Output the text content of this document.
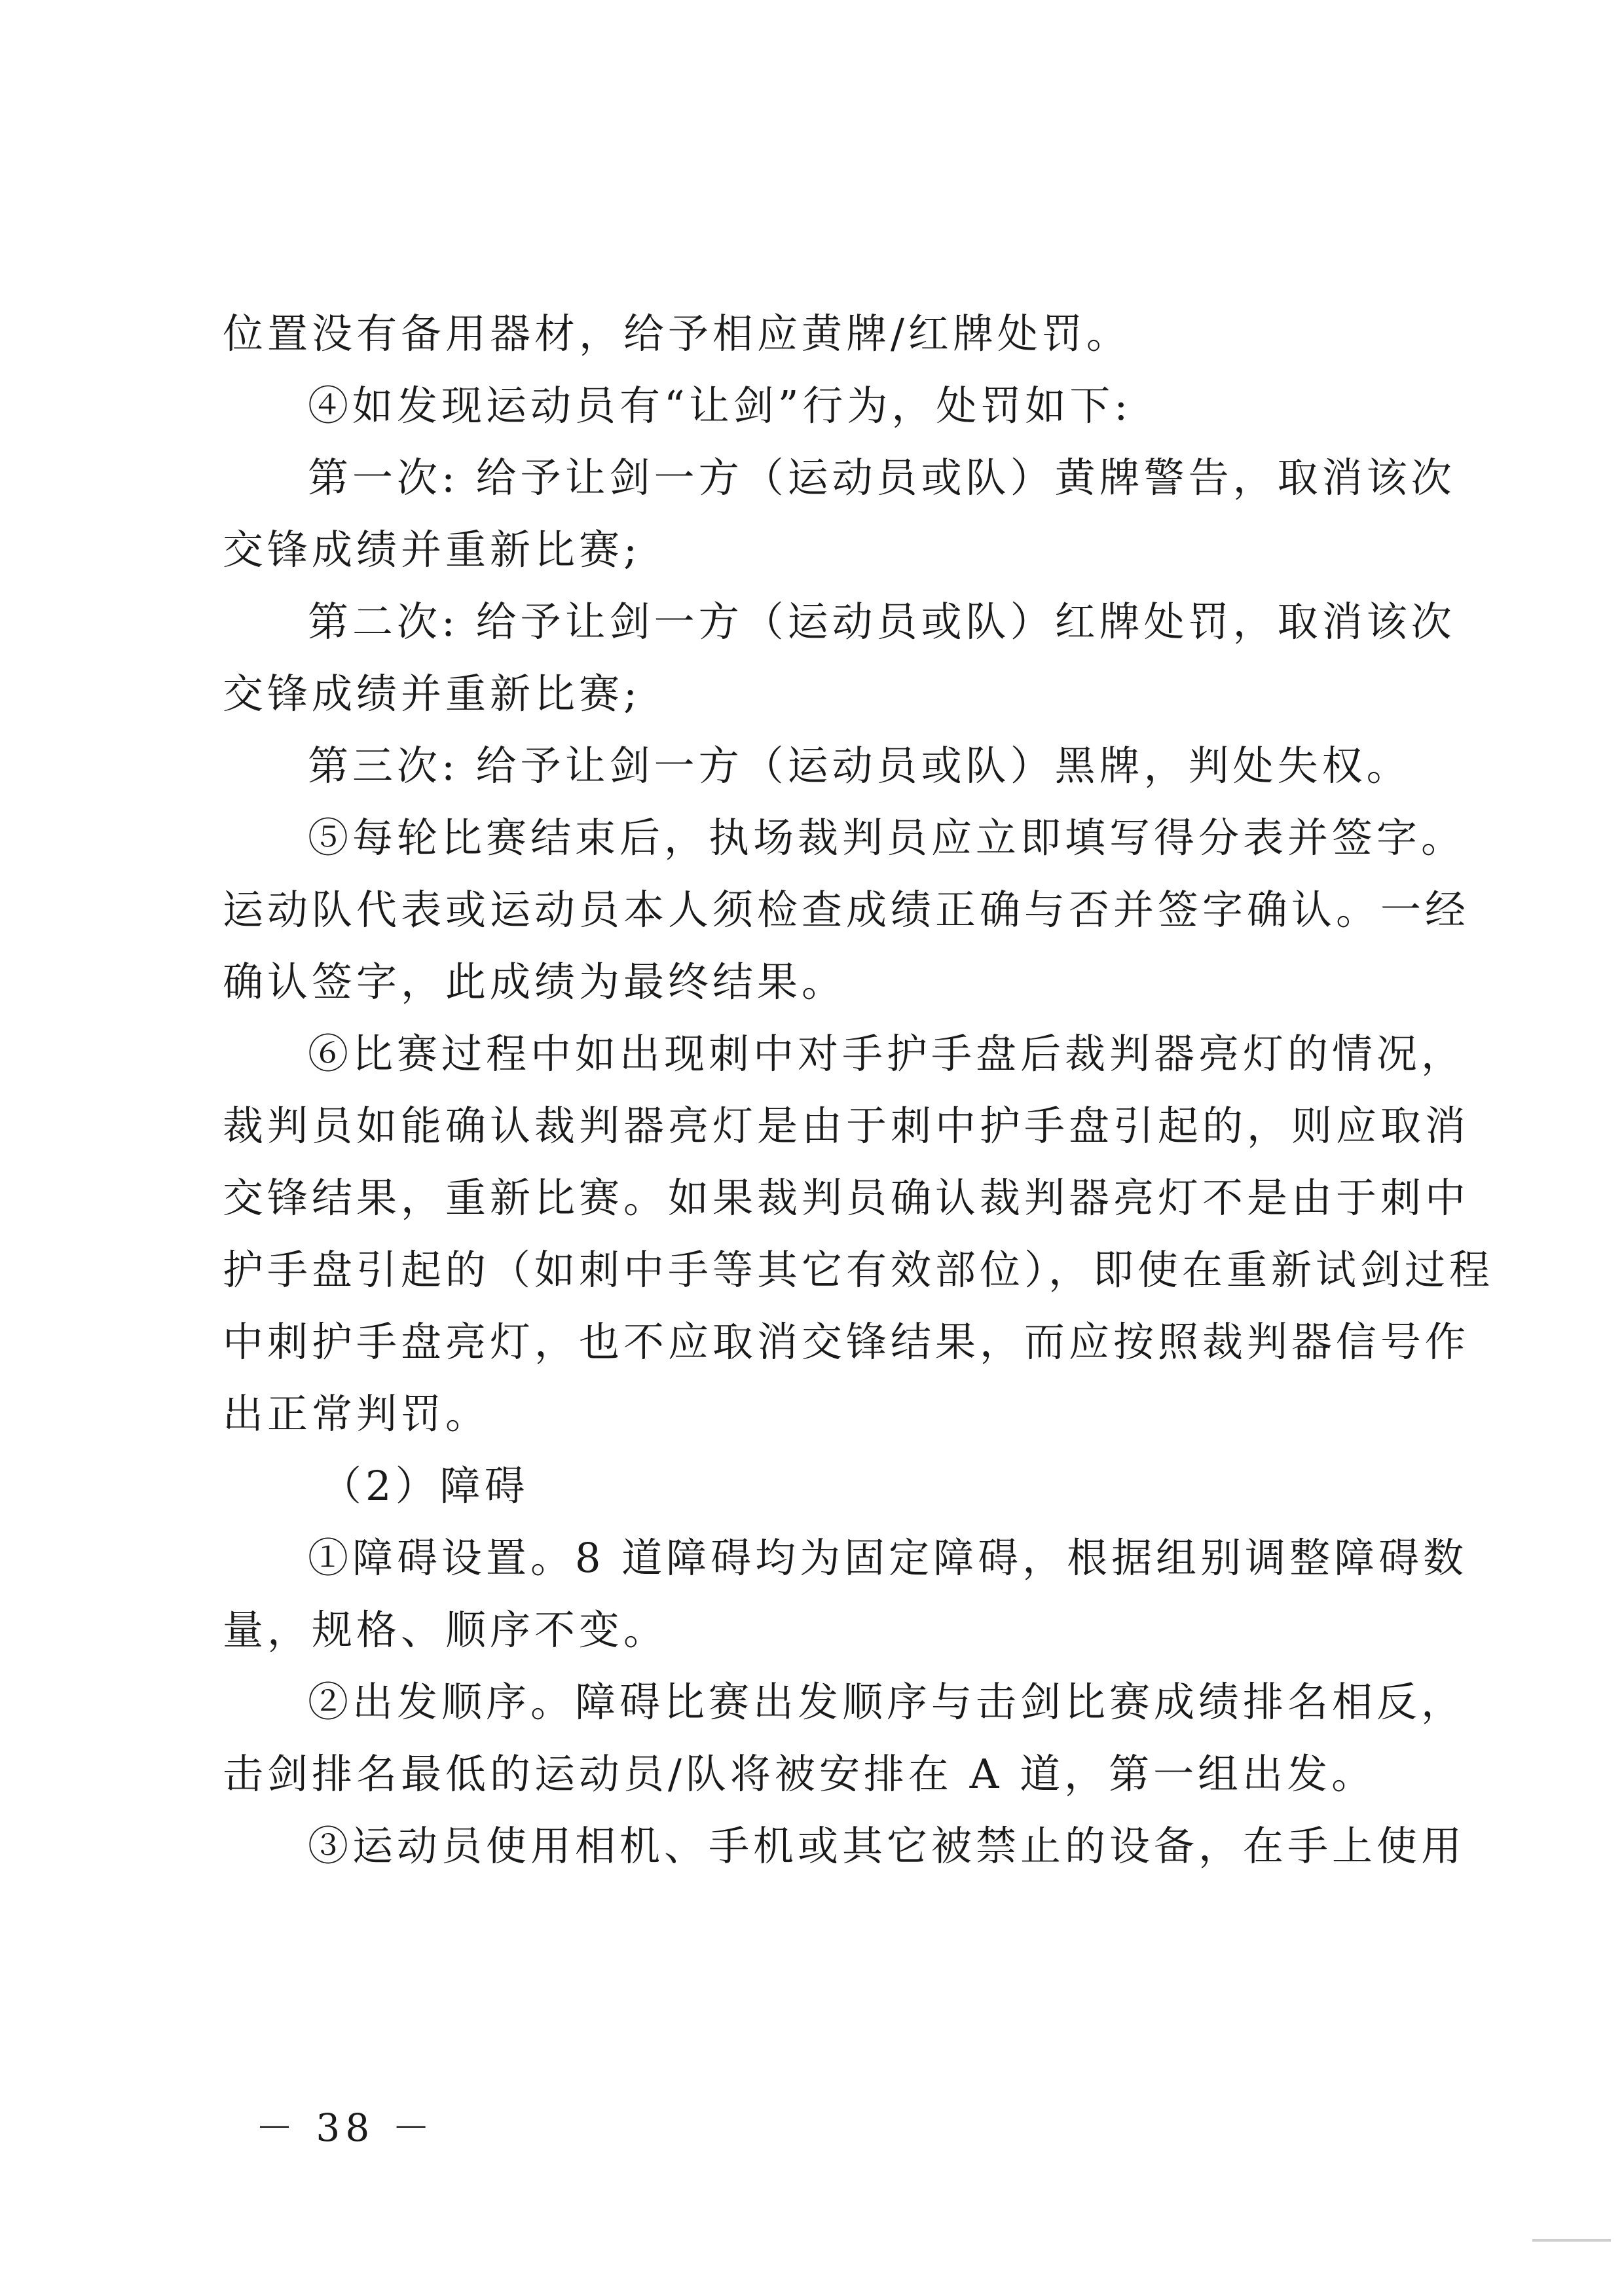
位置没有备用器材，给予相应黄牌/红牌处罚。
④如发现运动员有“让剑”行为，处罚如下:
第一次: 给予让剑一方（运动员或队）黄牌警告，取消该次
交锋成绩并重新比赛;
第二次: 给予让剑一方（运动员或队）红牌处罚，取消该次
交锋成绩并重新比赛;
第三次: 给予让剑一方（运动员或队）黑牌，判处失权。
⑤每轮比赛结束后，执场裁判员应立即填写得分表并签字。
运动队代表或运动员本人须检查成绩正确与否并签字确认。一经
确认签字，此成绩为最终结果。
⑥比赛过程中如出现刺中对手护手盘后裁判器亮灯的情况，
裁判员如能确认裁判器亮灯是由于刺中护手盘引起的，则应取消
交锋结果，重新比赛。如果裁判员确认裁判器亮灯不是由于刺中
护手盘引起的（如刺中手等其它有效部位），即使在重新试剑过程
中刺护手盘亮灯，也不应取消交锋结果，而应按照裁判器信号作
出正常判罚。
（2）障碍
①障碍设置。8 道障碍均为固定障碍，根据组别调整障碍数
量，规格、顺序不变。
②出发顺序。障碍比赛出发顺序与击剑比赛成绩排名相反，
击剑排名最低的运动员/队将被安排在 A 道，第一组出发。
③运动员使用相机、手机或其它被禁止的设备，在手上使用
－ 38 －
